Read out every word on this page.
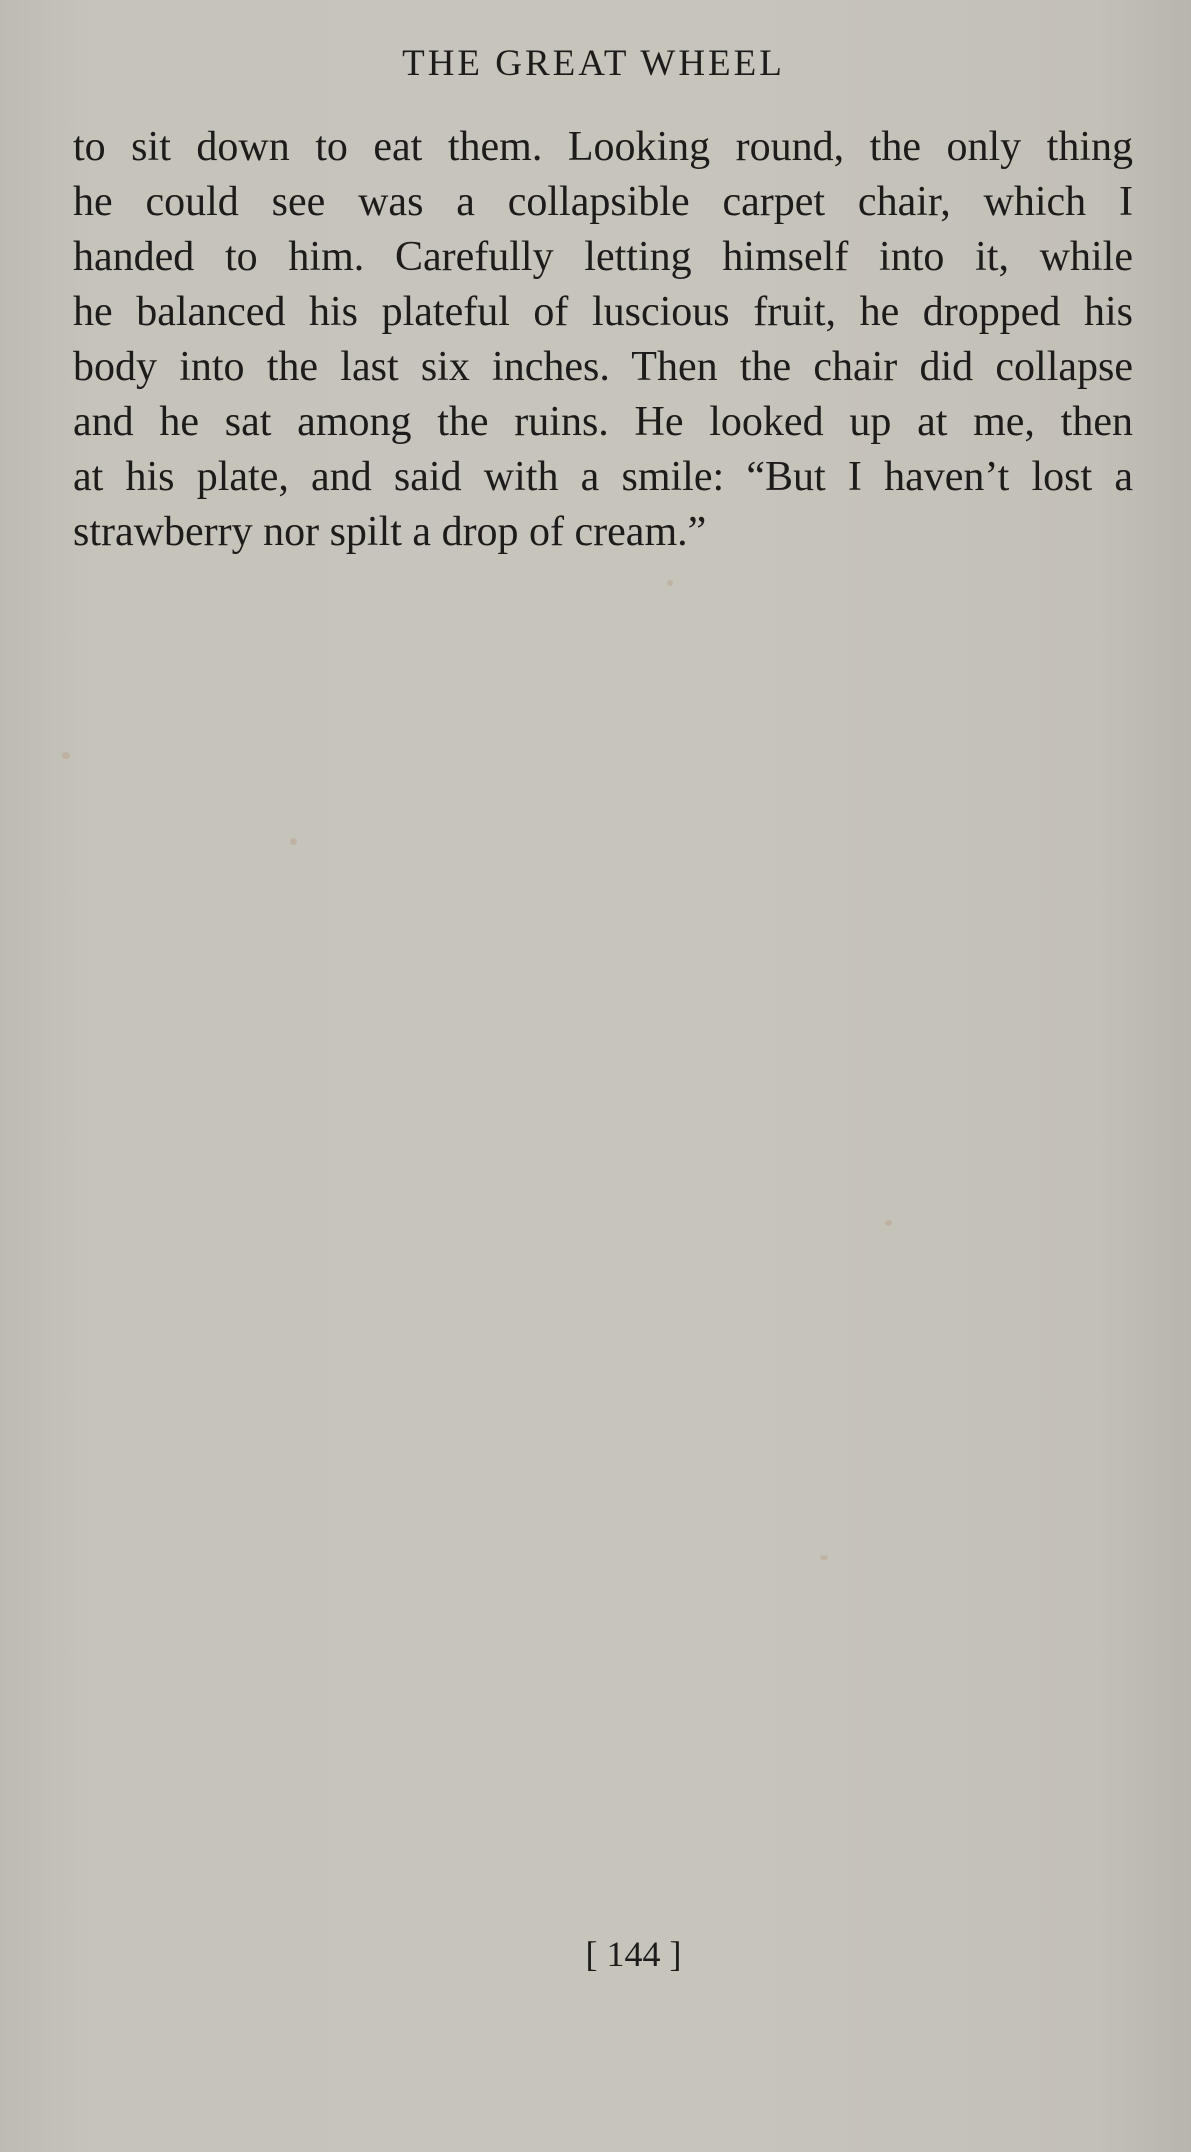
THE GREAT WHEEL
to sit down to eat them. Looking round, the only thing
he could see was a collapsible carpet chair, which I
handed to him. Carefully letting himself into it, while
he balanced his plateful of luscious fruit, he dropped his
body into the last six inches. Then the chair did collapse
and he sat among the ruins. He looked up at me, then
at his plate, and said with a smile: “But I haven’t lost a
strawberry nor spilt a drop of cream.”
[ 144 ]
